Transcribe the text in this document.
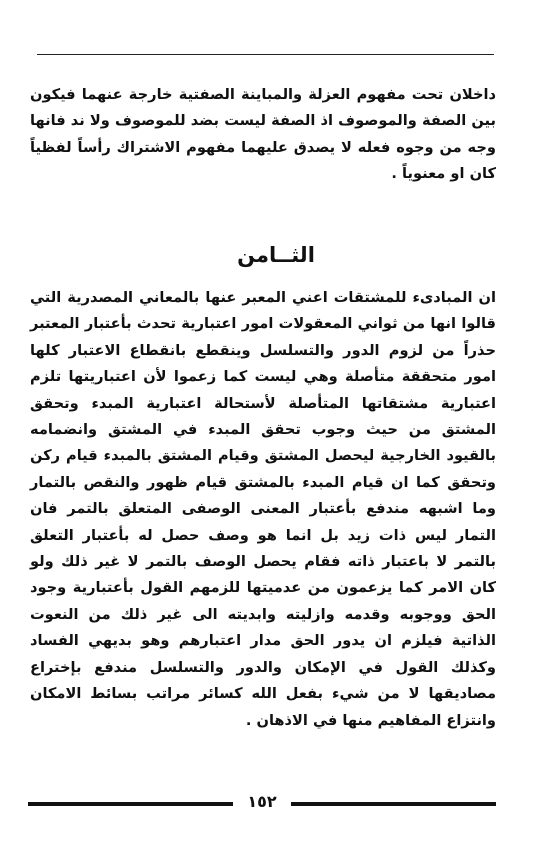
داخلان تحت مفهوم العزلة والمباينة الصفتية خارجة عنهما فيكون بين الصفة والموصوف اذ الصفة ليست بضد للموصوف ولا ند فانها وجه من وجوه فعله لا يصدق عليهما مفهوم الاشتراك رأساً لفظياً كان او معنوياً .

الثــامن

ان المبادىء للمشتقات اعني المعبر عنها بالمعاني المصدرية التي قالوا انها من ثواني المعقولات امور اعتبارية تحدث بأعتبار المعتبر حذراً من لزوم الدور والتسلسل وينقطع بانقطاع الاعتبار كلها امور متحققة متأصلة وهي ليست كما زعموا لأن اعتباريتها تلزم اعتبارية مشتقاتها المتأصلة لأستحالة اعتبارية المبدء وتحقق المشتق من حيث وجوب تحقق المبدء في المشتق وانضمامه بالقيود الخارجية ليحصل المشتق وقيام المشتق بالمبدء قيام ركن وتحقق كما ان قيام المبدء بالمشتق قيام ظهور والنقص بالتمار وما اشبهه مندفع بأعتبار المعنى الوصفى المتعلق بالتمر فان التمار ليس ذات زيد بل انما هو وصف حصل له بأعتبار التعلق بالتمر لا باعتبار ذاته فقام يحصل الوصف بالتمر لا غير ذلك ولو كان الامر كما يزعمون من عدميتها للزمهم القول بأعتبارية وجود الحق ووجوبه وقدمه وازليته وابديته الى غير ذلك من النعوت الذاتية فيلزم ان يدور الحق مدار اعتبارهم وهو بديهي الفساد وكذلك القول في الإمكان والدور والتسلسل مندفع بإختراع مصاديقها لا من شيء بفعل الله كسائر مراتب بسائط الامكان وانتزاع المفاهيم منها في الاذهان .

١٥٢
